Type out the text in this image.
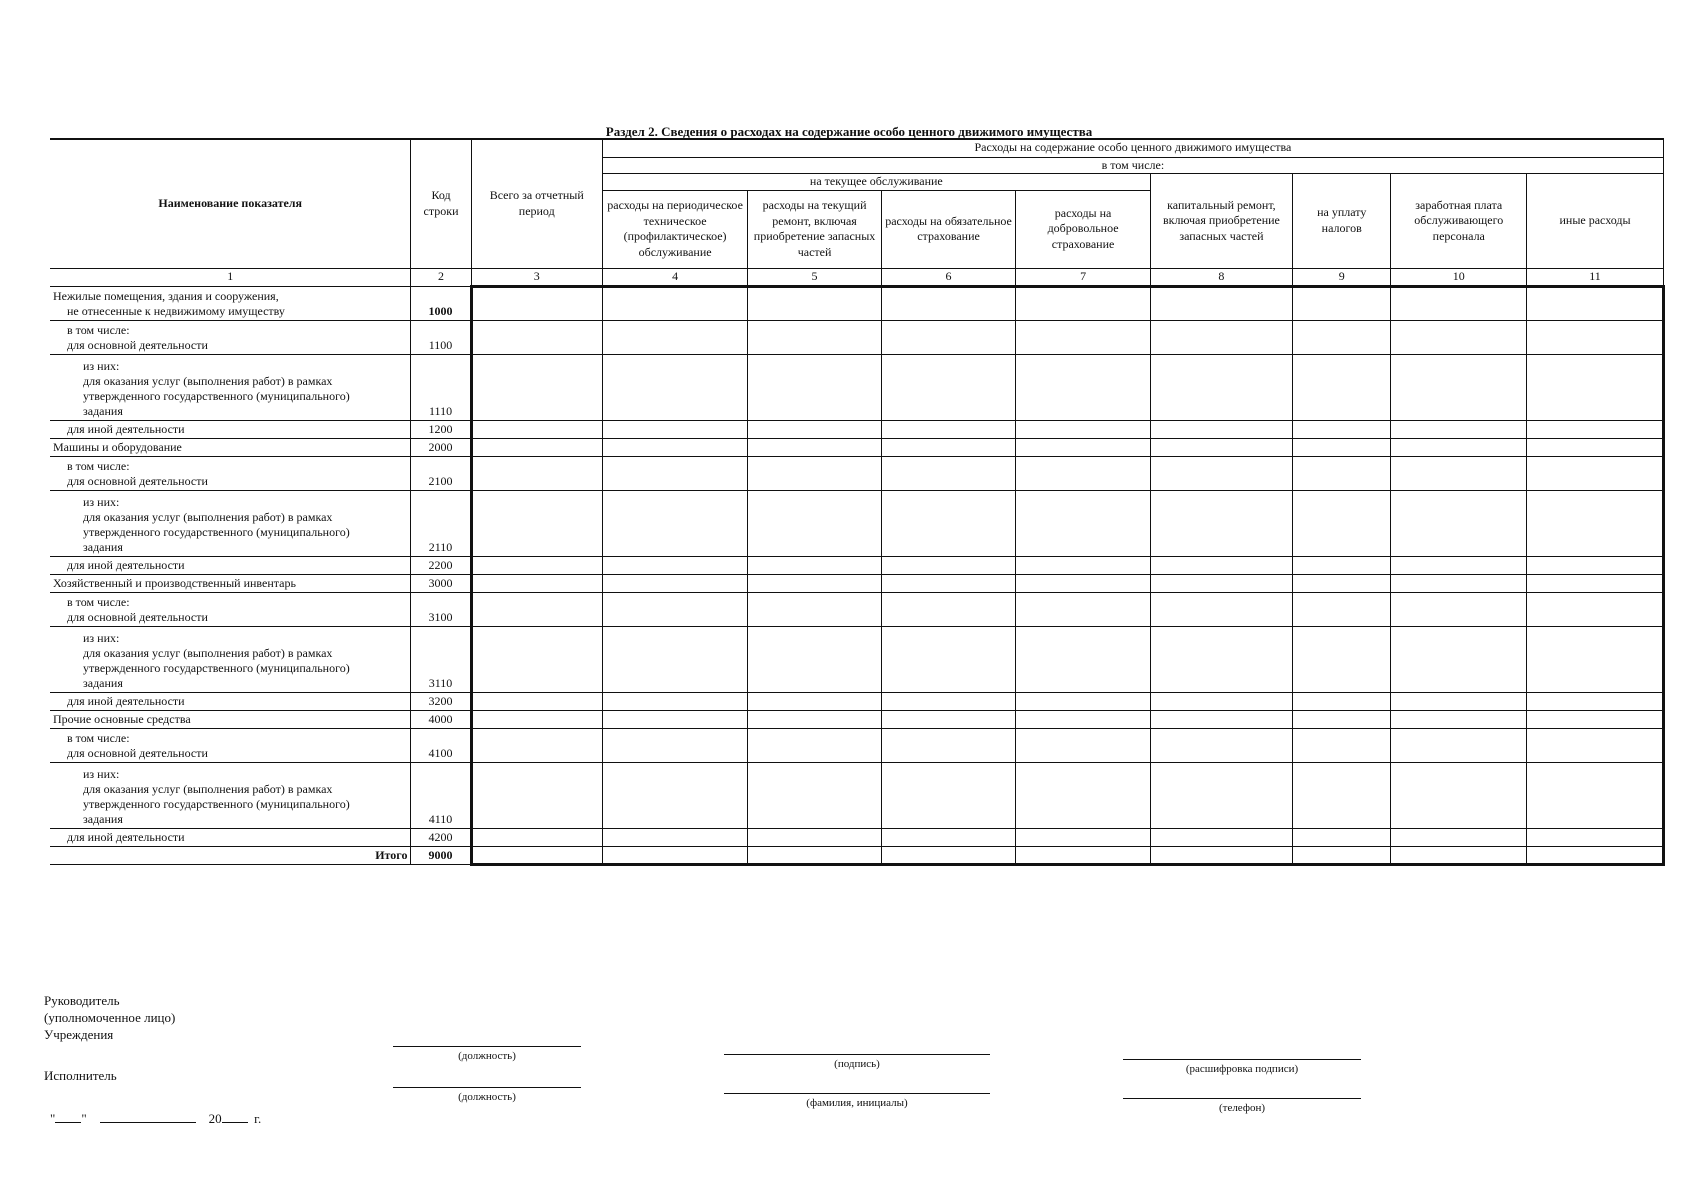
Раздел 2. Сведения о расходах на содержание особо ценного движимого имущества
Наименование показателя	Код строки	Всего за отчетный период	Расходы на содержание особо ценного движимого имущества							
			в том числе:							
			на текущее обслуживание				капитальный ремонт, включая приобретение запасных частей	на уплату налогов	заработная плата обслуживающего персонала	иные расходы
			расходы на периодическое техническое (профилактическое) обслуживание	расходы на текущий ремонт, включая приобретение запасных частей	расходы на обязательное страхование	расходы на добровольное страхование				
1	2	3	4	5	6	7	8	9	10	11

Нежилые помещения, здания и сооружения,
не отнесенные к недвижимому имуществу	1000									

в том числе:
для основной деятельности	1100									

из них:
для оказания услуг (выполнения работ) в рамках
утвержденного государственного (муниципального)
задания	1110									

для иной деятельности	1200									

Машины и оборудование	2000									

в том числе:
для основной деятельности	2100									

из них:
для оказания услуг (выполнения работ) в рамках
утвержденного государственного (муниципального)
задания	2110									

для иной деятельности	2200									

Хозяйственный и производственный инвентарь	3000									

в том числе:
для основной деятельности	3100									

из них:
для оказания услуг (выполнения работ) в рамках
утвержденного государственного (муниципального)
задания	3110									

для иной деятельности	3200									

Прочие основные средства	4000									

в том числе:
для основной деятельности	4100									

из них:
для оказания услуг (выполнения работ) в рамках
утвержденного государственного (муниципального)
задания	4110									

для иной деятельности	4200									
Итого	9000									
Руководитель
(уполномоченное лицо)
Учреждения
Исполнитель
(должность)
(подпись)	(расшифровка подписи)
(должность)	(фамилия, инициалы)	(телефон)
" "	20	г.
